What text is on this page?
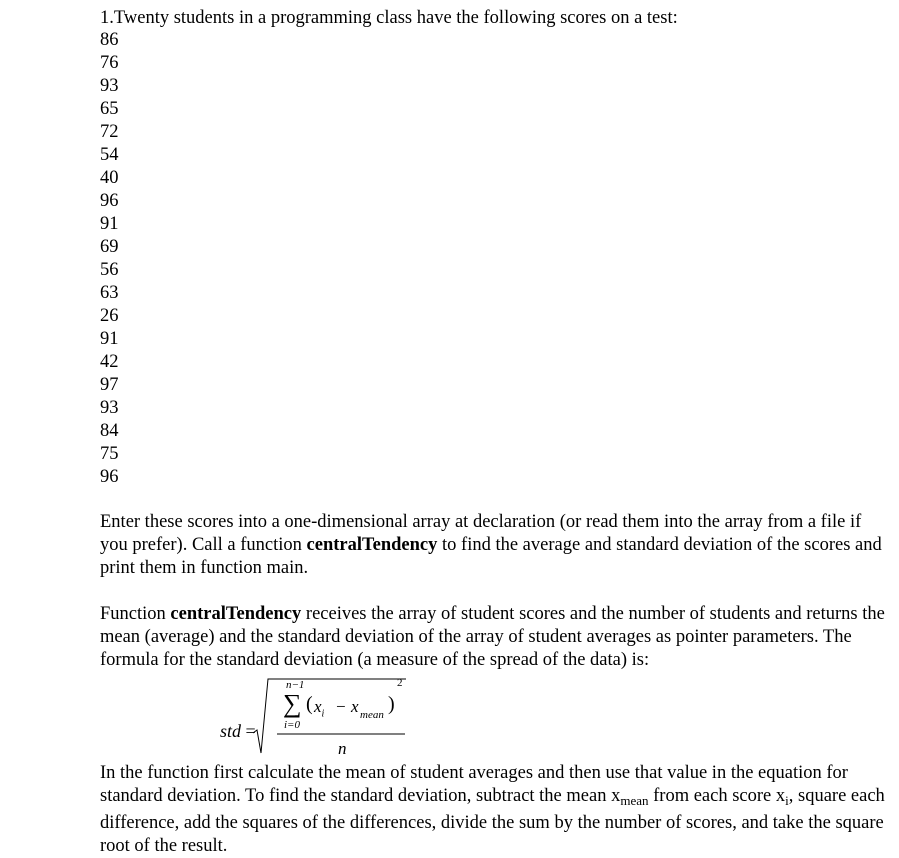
1.Twenty students in a programming class have the following scores on a test:
86
76
93
65
72
54
40
96
91
69
56
63
26
91
42
97
93
84
75
96

Enter these scores into a one-dimensional array at declaration (or read them into the array from a file if you prefer). Call a function centralTendency to find the average and standard deviation of the scores and print them in function main.

Function centralTendency receives the array of student scores and the number of students and returns the mean (average) and the standard deviation of the array of student averages as pointer parameters. The formula for the standard deviation (a measure of the spread of the data) is:

std =
n−1
∑
i=0
( $x_i - x$ mean )
2
n

In the function first calculate the mean of student averages and then use that value in the equation for standard deviation. To find the standard deviation, subtract the mean $x_{mean}$ from each score $x_i$, square each difference, add the squares of the differences, divide the sum by the number of scores, and take the square root of the result.
